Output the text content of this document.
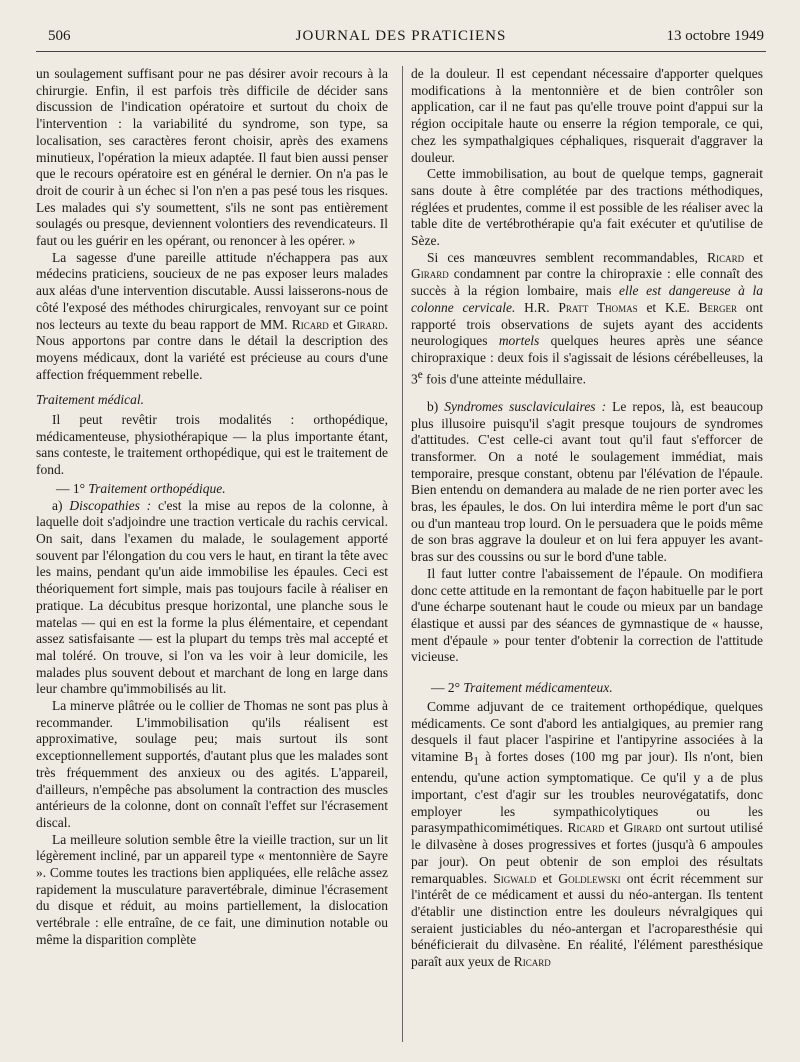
506	JOURNAL DES PRATICIENS	13 octobre 1949

un soulagement suffisant pour ne pas désirer avoir recours à la chirurgie. Enfin, il est parfois très difficile de décider sans discussion de l'indication opératoire et surtout du choix de l'intervention : la variabilité du syndrome, son type, sa localisation, ses caractères feront choisir, après des examens minutieux, l'opération la mieux adaptée. Il faut bien aussi penser que le recours opératoire est en général le dernier. On n'a pas le droit de courir à un échec si l'on n'en a pas pesé tous les risques. Les malades qui s'y soumettent, s'ils ne sont pas entièrement soulagés ou presque, deviennent volontiers des revendicateurs. Il faut ou les guérir en les opérant, ou renoncer à les opérer. »

La sagesse d'une pareille attitude n'échappera pas aux médecins praticiens, soucieux de ne pas exposer leurs malades aux aléas d'une intervention discutable. Aussi laisserons-nous de côté l'exposé des méthodes chirurgicales, renvoyant sur ce point nos lecteurs au texte du beau rapport de MM. Ricard et Girard. Nous apportons par contre dans le détail la description des moyens médicaux, dont la variété est précieuse au cours d'une affection fréquemment rebelle.

Traitement médical.

Il peut revêtir trois modalités : orthopédique, médicamenteuse, physiothérapique — la plus importante étant, sans conteste, le traitement orthopédique, qui est le traitement de fond.

— 1° Traitement orthopédique.

a) Discopathies : c'est la mise au repos de la colonne, à laquelle doit s'adjoindre une traction verticale du rachis cervical. On sait, dans l'examen du malade, le soulagement apporté souvent par l'élongation du cou vers le haut, en tirant la tête avec les mains, pendant qu'un aide immobilise les épaules. Ceci est théoriquement fort simple, mais pas toujours facile à réaliser en pratique. La décubitus presque horizontal, une planche sous le matelas — qui en est la forme la plus élémentaire, et cependant assez satisfaisante — est la plupart du temps très mal accepté et mal toléré. On trouve, si l'on va les voir à leur domicile, les malades plus souvent debout et marchant de long en large dans leur chambre qu'immobilisés au lit.

La minerve plâtrée ou le collier de Thomas ne sont pas plus à recommander. L'immobilisation qu'ils réalisent est approximative, soulage peu; mais surtout ils sont exceptionnellement supportés, d'autant plus que les malades sont très fréquemment des anxieux ou des agités. L'appareil, d'ailleurs, n'empêche pas absolument la contraction des muscles antérieurs de la colonne, dont on connaît l'effet sur l'écrasement discal.

La meilleure solution semble être la vieille traction, sur un lit légèrement incliné, par un appareil type « mentonnière de Sayre ». Comme toutes les tractions bien appliquées, elle relâche assez rapidement la musculature paravertébrale, diminue l'écrasement du disque et réduit, au moins partiellement, la dislocation vertébrale : elle entraîne, de ce fait, une diminution notable ou même la disparition complète

de la douleur. Il est cependant nécessaire d'apporter quelques modifications à la mentonnière et de bien contrôler son application, car il ne faut pas qu'elle trouve point d'appui sur la région occipitale haute ou enserre la région temporale, ce qui, chez les sympathalgiques céphaliques, risquerait d'aggraver la douleur.

Cette immobilisation, au bout de quelque temps, gagnerait sans doute à être complétée par des tractions méthodiques, réglées et prudentes, comme il est possible de les réaliser avec la table dite de vertébrothérapie qu'a fait exécuter et qu'utilise de Sèze.

Si ces manœuvres semblent recommandables, Ricard et Girard condamnent par contre la chiropraxie : elle connaît des succès à la région lombaire, mais elle est dangereuse à la colonne cervicale. H.R. Pratt Thomas et K.E. Berger ont rapporté trois observations de sujets ayant des accidents neurologiques mortels quelques heures après une séance chiropraxique : deux fois il s'agissait de lésions cérébelleuses, la 3e fois d'une atteinte médullaire.

b) Syndromes susclaviculaires : Le repos, là, est beaucoup plus illusoire puisqu'il s'agit presque toujours de syndromes d'attitudes. C'est celle-ci avant tout qu'il faut s'efforcer de transformer. On a noté le soulagement immédiat, mais temporaire, presque constant, obtenu par l'élévation de l'épaule. Bien entendu on demandera au malade de ne rien porter avec les bras, les épaules, le dos. On lui interdira même le port d'un sac ou d'un manteau trop lourd. On le persuadera que le poids même de son bras aggrave la douleur et on lui fera appuyer les avant-bras sur des coussins ou sur le bord d'une table.

Il faut lutter contre l'abaissement de l'épaule. On modifiera donc cette attitude en la remontant de façon habituelle par le port d'une écharpe soutenant haut le coude ou mieux par un bandage élastique et aussi par des séances de gymnastique de « hausse, ment d'épaule » pour tenter d'obtenir la correction de l'attitude vicieuse.

— 2° Traitement médicamenteux.

Comme adjuvant de ce traitement orthopédique, quelques médicaments. Ce sont d'abord les antialgiques, au premier rang desquels il faut placer l'aspirine et l'antipyrine associées à la vitamine $B_1$ à fortes doses (100 mg par jour). Ils n'ont, bien entendu, qu'une action symptomatique. Ce qu'il y a de plus important, c'est d'agir sur les troubles neurovégatatifs, donc employer les sympathicolytiques ou les parasympathicomimétiques. Ricard et Girard ont surtout utilisé le dilvasène à doses progressives et fortes (jusqu'à 6 ampoules par jour). On peut obtenir de son emploi des résultats remarquables. Sigwald et Goldlewski ont écrit récemment sur l'intérêt de ce médicament et aussi du néo-antergan. Ils tentent d'établir une distinction entre les douleurs névralgiques qui seraient justiciables du néo-antergan et l'acroparesthésie qui bénéficierait du dilvasène. En réalité, l'élément paresthésique paraît aux yeux de Ricard
